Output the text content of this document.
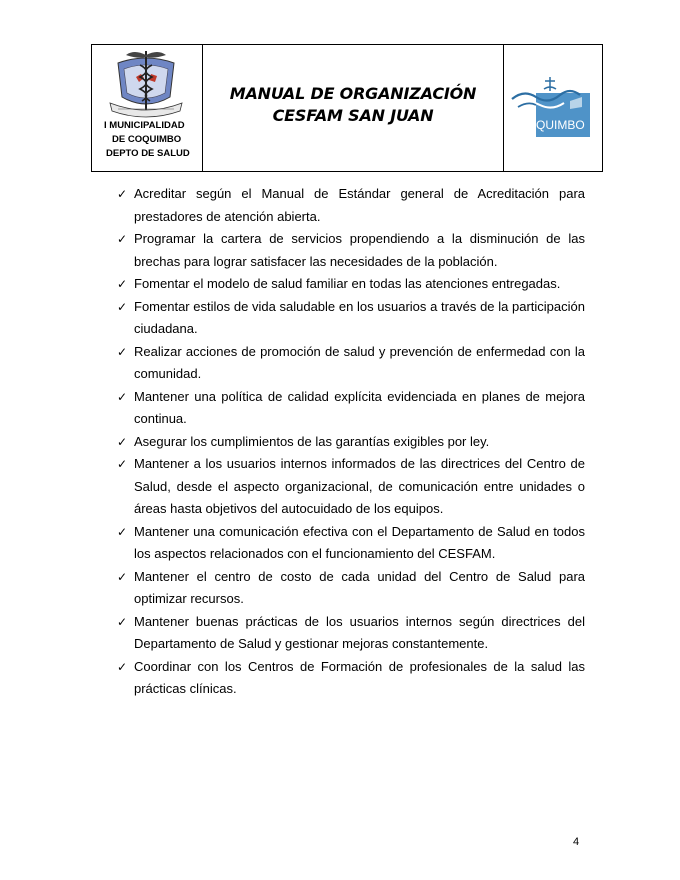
I MUNICIPALIDAD
DE COQUIMBO
DEPTO DE SALUD
MANUAL DE ORGANIZACIÓN
CESFAM SAN JUAN	COQUIMBO
✓ Acreditar según el Manual de Estándar general de Acreditación para prestadores de atención abierta.
✓ Programar la cartera de servicios propendiendo a la disminución de las brechas para lograr satisfacer las necesidades de la población.
✓ Fomentar el modelo de salud familiar en todas las atenciones entregadas.
✓ Fomentar estilos de vida saludable en los usuarios a través de la participación ciudadana.
✓ Realizar acciones de promoción de salud y prevención de enfermedad con la comunidad.
✓ Mantener una política de calidad explícita evidenciada en planes de mejora continua.
✓ Asegurar los cumplimientos de las garantías exigibles por ley.
✓ Mantener a los usuarios internos informados de las directrices del Centro de Salud, desde el aspecto organizacional, de comunicación entre unidades o áreas hasta objetivos del autocuidado de los equipos.
✓ Mantener una comunicación efectiva con el Departamento de Salud en todos los aspectos relacionados con el funcionamiento del CESFAM.
✓ Mantener el centro de costo de cada unidad del Centro de Salud para optimizar recursos.
✓ Mantener buenas prácticas de los usuarios internos según directrices del Departamento de Salud y gestionar mejoras constantemente.
✓ Coordinar con los Centros de Formación de profesionales de la salud las prácticas clínicas.
4
